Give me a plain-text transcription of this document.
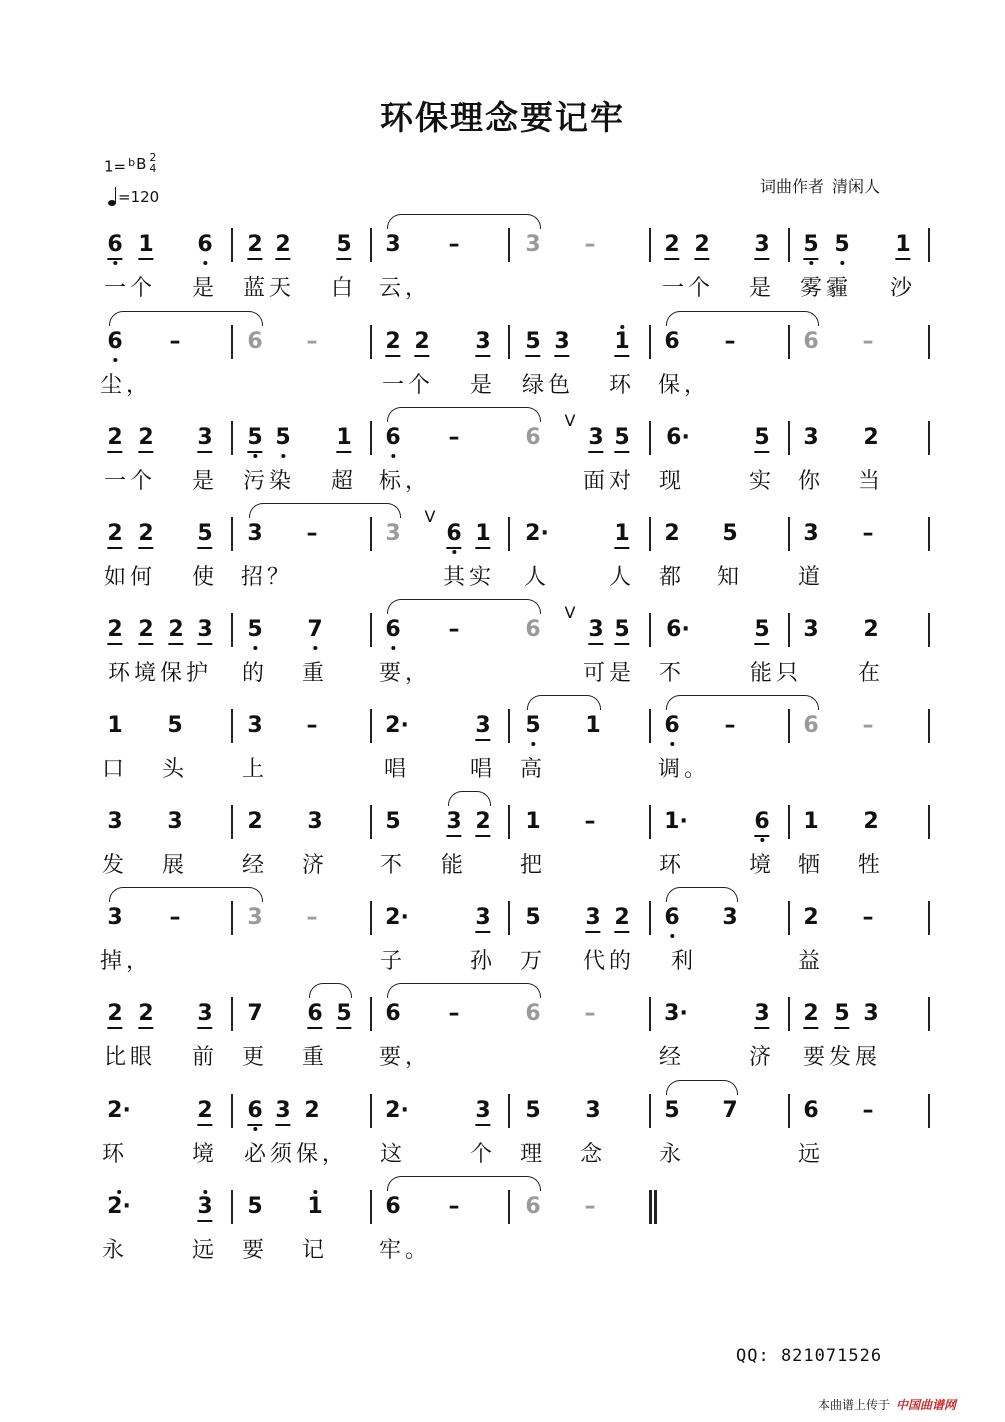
环保理念要记牢
1= $^b$B 2
4
=120
词曲作者 清闲人
6 1 6 2 2 5 3 –	3 –	2 2 3 5 5 1
一个 是 蓝天 白 云，	一个 是 雾霾 沙
6 –	6 –	2 2 3 5 3 1 6 –	6 –
尘，	一个 是 绿色 环 保，
2 2 3 5 5 1 6 –	6 3 5 6·	5 3 2
V
一个 是 污染 超 标，	面对 现	实 你 当
2 2 5 3 –	3 6 1 2·	1 2 5	3 –
V
如何 使 招？	其实 人	人 都 知 道
2 2 2 3 5 7	6 –	6 3 5 6·	5 3 2
V
环境保护 的 重 要，	可是 不	能只	在
1 5	3 –	2·	3 5 1	6 –	6 –
口 头 上	唱	唱 高	调。
3 3	2 3	5 3 2 1 –	1·	6 1 2
发 展 经 济 不 能 把	环	境 牺 牲
3 –	3 –	2·	3 5 3 2 6 3	2 –
掉，	子	孙 万 代的 利	益
2 2 3 7 6 5 6 –	6 –	3·	3 2 5 3
比眼 前 更 重 要，	经	济 要发展
2·	2 6 3 2	2·	3 5 3	5 7	6 –
环	境 必须保， 这	个 理 念 永	远
2·	3 5 1	6 –	6 –
永	远 要 记 牢。
QQ: 821071526
本曲谱上传于 中国曲谱网
